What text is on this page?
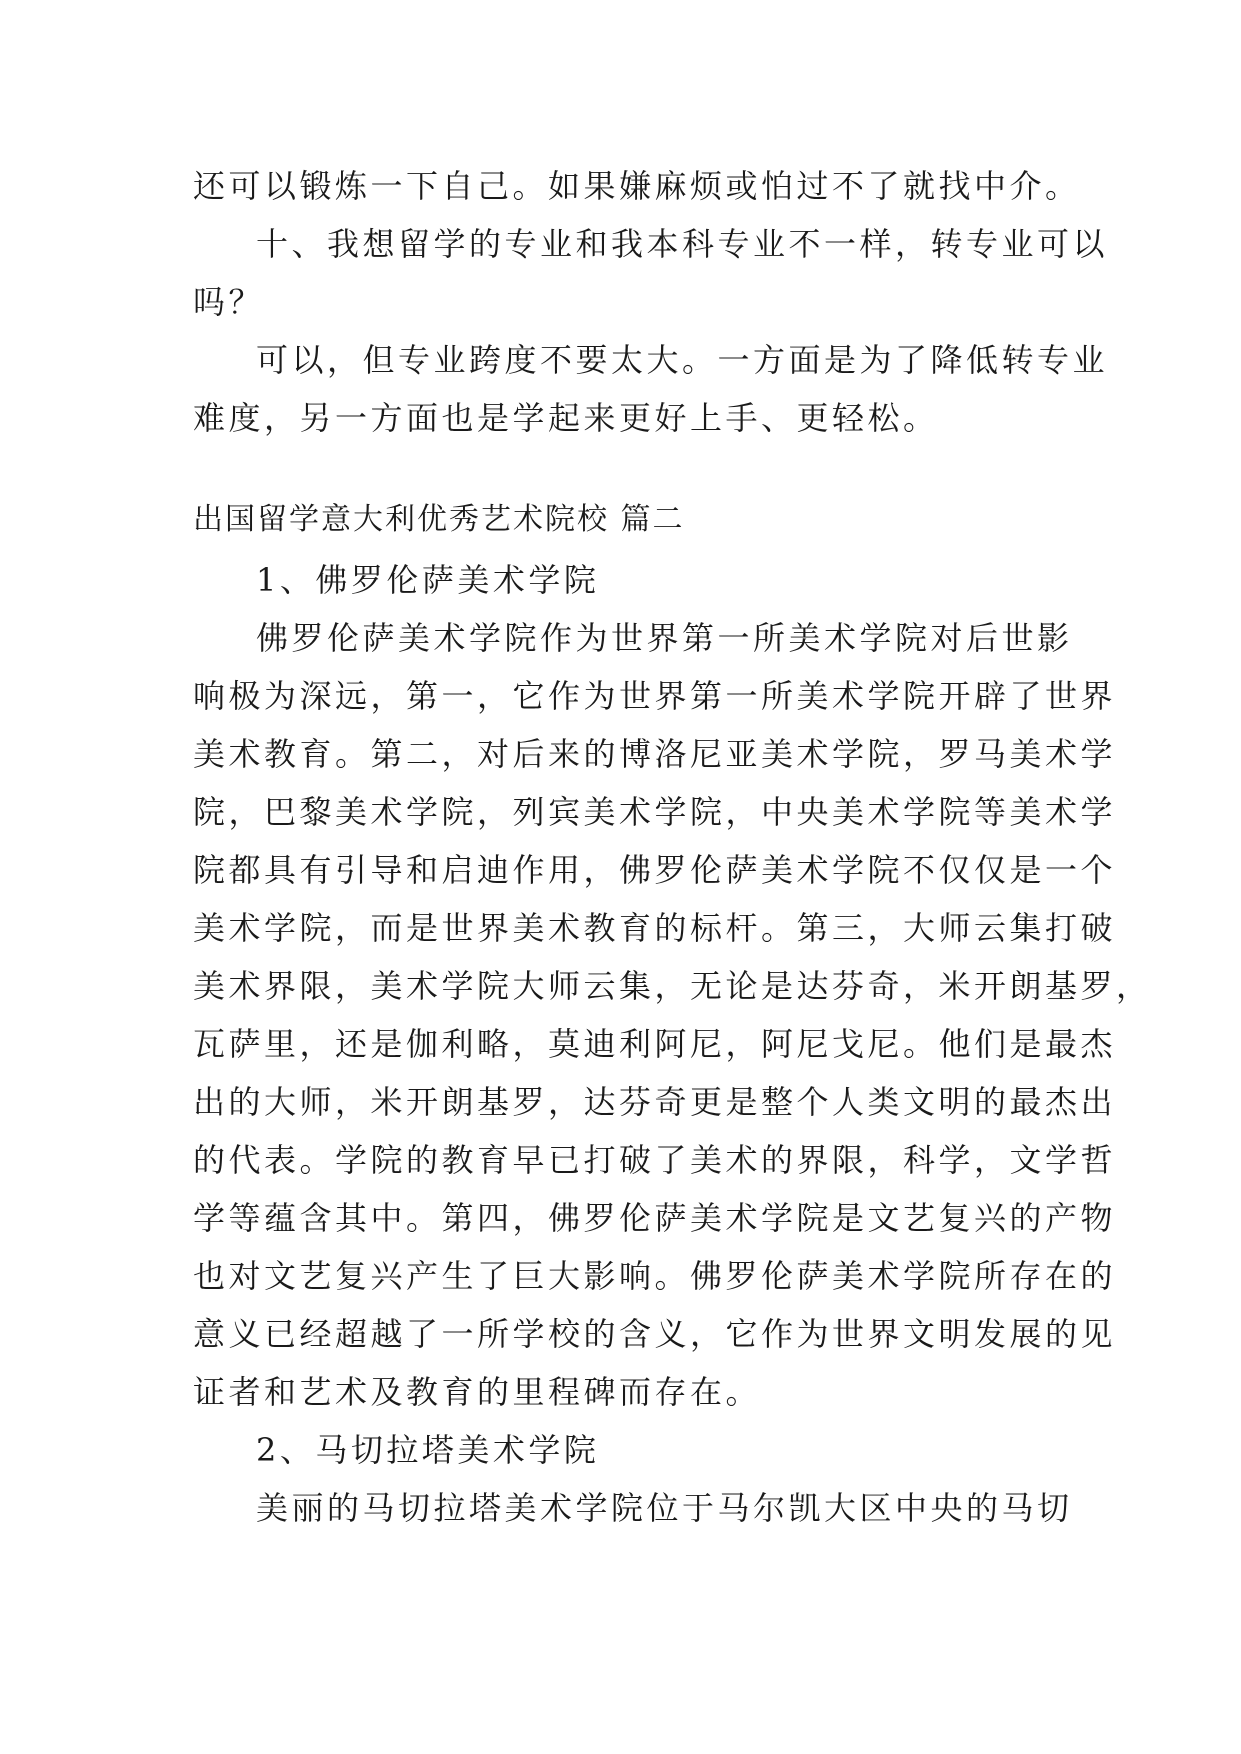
还可以锻炼一下自己。如果嫌麻烦或怕过不了就找中介。
十、我想留学的专业和我本科专业不一样，转专业可以
吗？
可以，但专业跨度不要太大。一方面是为了降低转专业
难度，另一方面也是学起来更好上手、更轻松。
出国留学意大利优秀艺术院校 篇二
1、佛罗伦萨美术学院
佛罗伦萨美术学院作为世界第一所美术学院对后世影
响极为深远，第一，它作为世界第一所美术学院开辟了世界
美术教育。第二，对后来的博洛尼亚美术学院，罗马美术学
院，巴黎美术学院，列宾美术学院，中央美术学院等美术学
院都具有引导和启迪作用，佛罗伦萨美术学院不仅仅是一个
美术学院，而是世界美术教育的标杆。第三，大师云集打破
美术界限，美术学院大师云集，无论是达芬奇，米开朗基罗，
瓦萨里，还是伽利略，莫迪利阿尼，阿尼戈尼。他们是最杰
出的大师，米开朗基罗，达芬奇更是整个人类文明的最杰出
的代表。学院的教育早已打破了美术的界限，科学，文学哲
学等蕴含其中。第四，佛罗伦萨美术学院是文艺复兴的产物
也对文艺复兴产生了巨大影响。佛罗伦萨美术学院所存在的
意义已经超越了一所学校的含义，它作为世界文明发展的见
证者和艺术及教育的里程碑而存在。
2、马切拉塔美术学院
美丽的马切拉塔美术学院位于马尔凯大区中央的马切
